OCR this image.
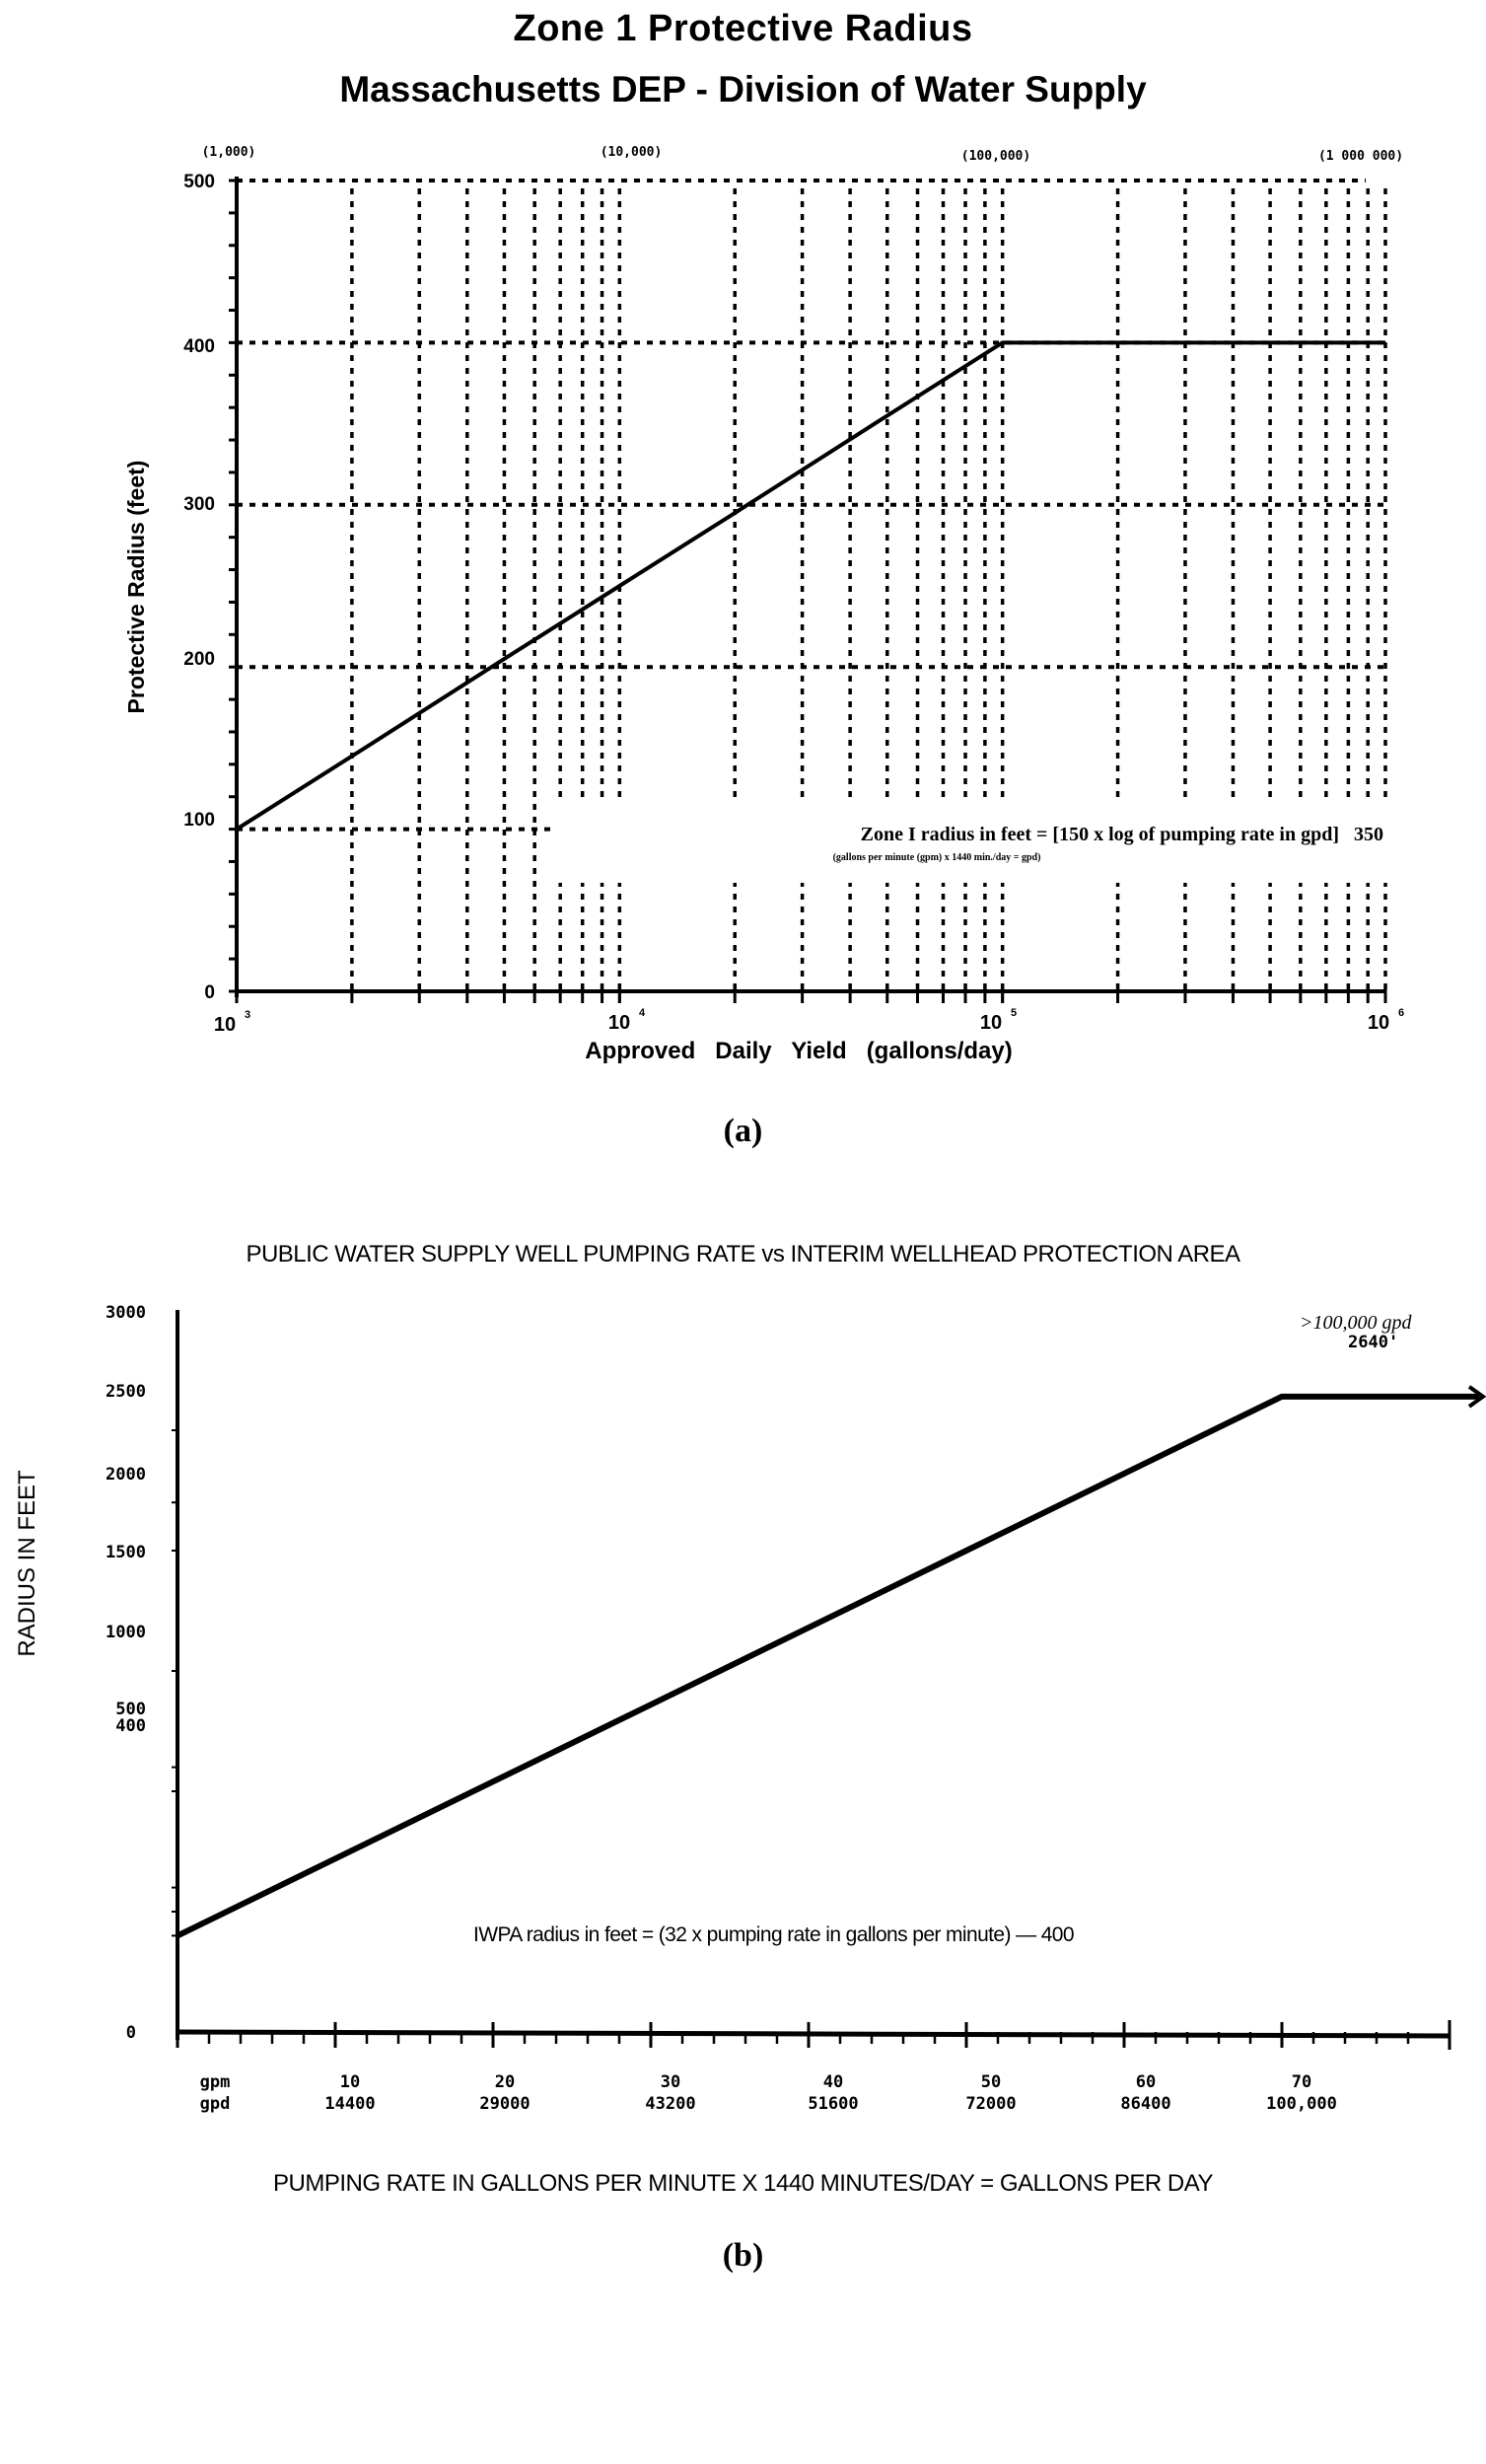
Zone 1 Protective Radius
Massachusetts DEP - Division of Water Supply
(1,000)	(10,000)	(100,000)	(1 000 000)
500
400
300
200
100
0
10 3	10 4	10 5	10 6
Protective Radius (feet)
Approved   Daily   Yield   (gallons/day)
Zone I radius in feet = [150 x log of pumping rate in gpd]   350
(gallons per minute (gpm) x 1440 min./day = gpd)
(a)
PUBLIC WATER SUPPLY WELL PUMPING RATE vs INTERIM WELLHEAD PROTECTION AREA
3000
2500
2000
1500
1000
500
400
0
RADIUS IN FEET
gpm	10	20	30	40	50	60	70
gpd	14400	29000	43200	51600	72000	86400	100,000
IWPA radius in feet = (32 x pumping rate in gallons per minute) — 400
>100,000 gpd
2640'
PUMPING RATE IN GALLONS PER MINUTE X 1440 MINUTES/DAY = GALLONS PER DAY
(b)
